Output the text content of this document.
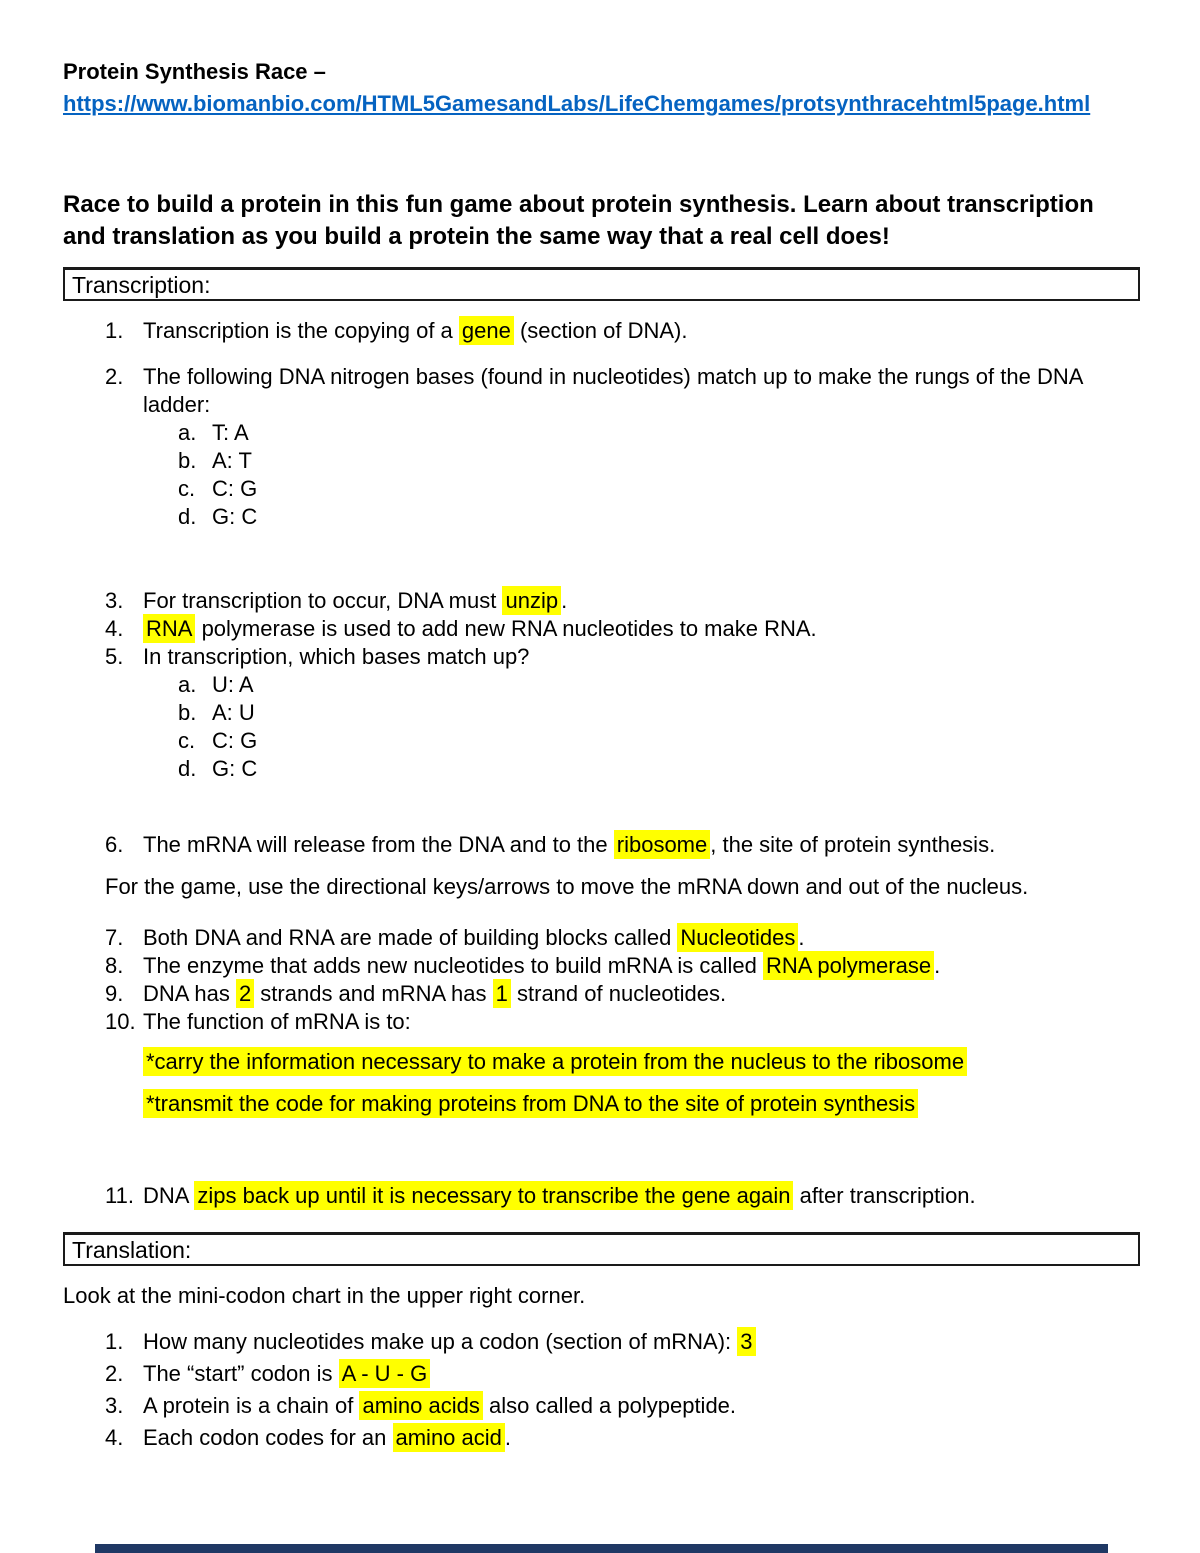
Protein Synthesis Race –

https://www.biomanbio.com/HTML5GamesandLabs/LifeChemgames/protsynthracehtml5page.html

Race to build a protein in this fun game about protein synthesis. Learn about transcription
and translation as you build a protein the same way that a real cell does!

Transcription:
1. Transcription is the copying of a gene (section of DNA).
2. The following DNA nitrogen bases (found in nucleotides) match up to make the rungs of the DNA
ladder:
a. T: A
b. A: T
c. C: G
d. G: C
3. For transcription to occur, DNA must unzip .
4. RNA polymerase is used to add new RNA nucleotides to make RNA.
5. In transcription, which bases match up?
a. U: A
b. A: U
c. C: G
d. G: C
6. The mRNA will release from the DNA and to the ribosome , the site of protein synthesis.

For the game, use the directional keys/arrows to move the mRNA down and out of the nucleus.

7. Both DNA and RNA are made of building blocks called Nucleotides .
8. The enzyme that adds new nucleotides to build mRNA is called RNA polymerase .
9. DNA has 2 strands and mRNA has 1 strand of nucleotides.
10. The function of mRNA is to:

*carry the information necessary to make a protein from the nucleus to the ribosome

*transmit the code for making proteins from DNA to the site of protein synthesis

11. DNA zips back up until it is necessary to transcribe the gene again after transcription.
Translation:

Look at the mini-codon chart in the upper right corner.

1. How many nucleotides make up a codon (section of mRNA): 3
2. The “start” codon is A - U - G
3. A protein is a chain of amino acids also called a polypeptide.
4. Each codon codes for an amino acid .
